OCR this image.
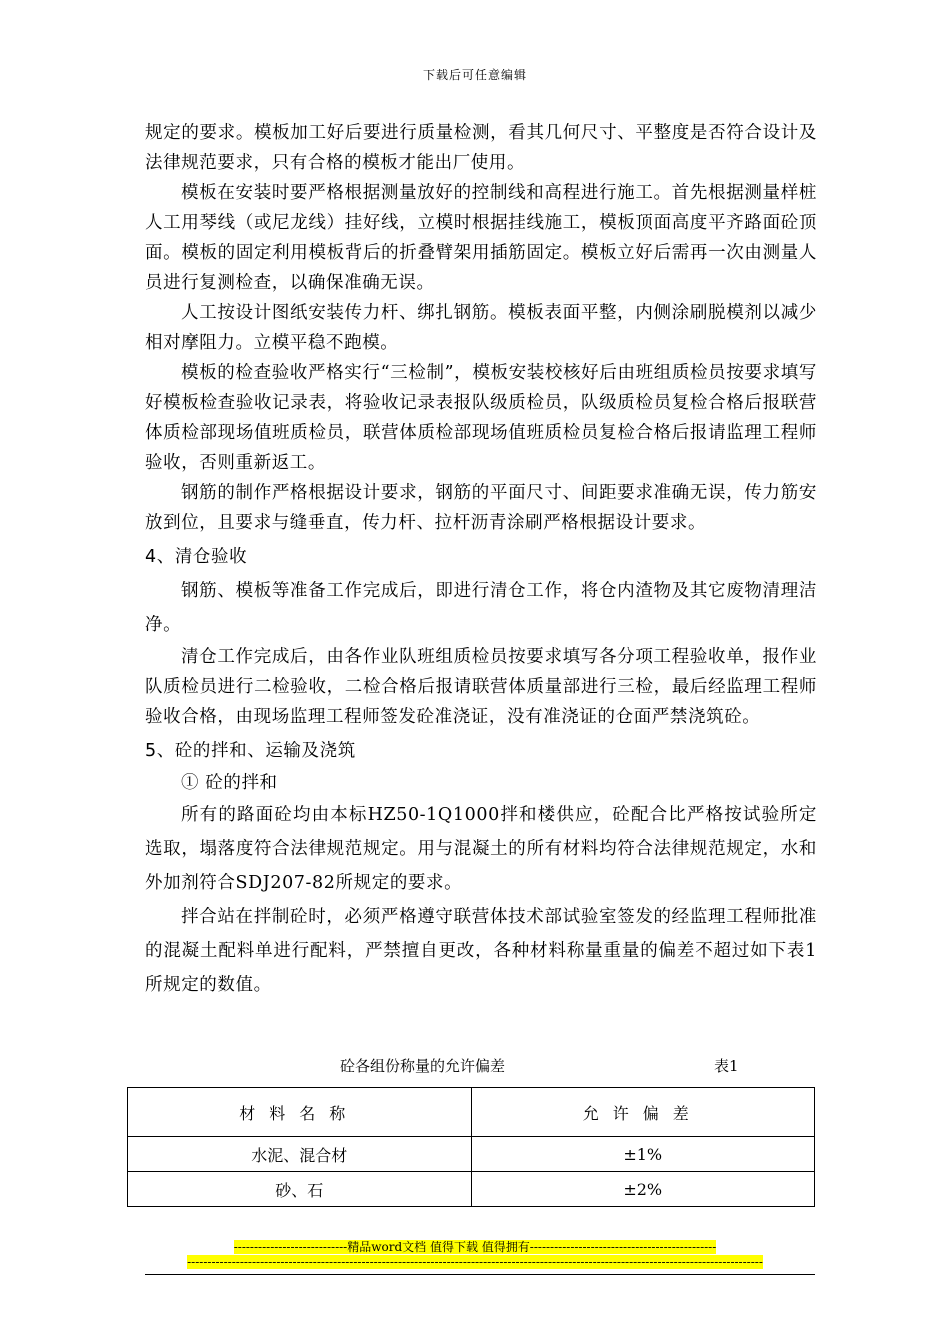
下载后可任意编辑

规定的要求。模板加工好后要进行质量检测，看其几何尺寸、平整度是否符合设计及法律规范要求，只有合格的模板才能出厂使用。

模板在安装时要严格根据测量放好的控制线和高程进行施工。首先根据测量样桩人工用琴线（或尼龙线）挂好线，立模时根据挂线施工，模板顶面高度平齐路面砼顶面。模板的固定利用模板背后的折叠臂架用插筋固定。模板立好后需再一次由测量人员进行复测检查，以确保准确无误。

人工按设计图纸安装传力杆、绑扎钢筋。模板表面平整，内侧涂刷脱模剂以减少相对摩阻力。立模平稳不跑模。

模板的检查验收严格实行“三检制”，模板安装校核好后由班组质检员按要求填写好模板检查验收记录表，将验收记录表报队级质检员，队级质检员复检合格后报联营体质检部现场值班质检员，联营体质检部现场值班质检员复检合格后报请监理工程师验收，否则重新返工。

钢筋的制作严格根据设计要求，钢筋的平面尺寸、间距要求准确无误，传力筋安放到位，且要求与缝垂直，传力杆、拉杆沥青涂刷严格根据设计要求。

4、清仓验收

钢筋、模板等准备工作完成后，即进行清仓工作，将仓内渣物及其它废物清理洁净。

清仓工作完成后，由各作业队班组质检员按要求填写各分项工程验收单，报作业队质检员进行二检验收，二检合格后报请联营体质量部进行三检，最后经监理工程师验收合格，由现场监理工程师签发砼准浇证，没有准浇证的仓面严禁浇筑砼。

5、砼的拌和、运输及浇筑

① 砼的拌和

所有的路面砼均由本标HZ50-1Q1000拌和楼供应，砼配合比严格按试验所定选取，塌落度符合法律规范规定。用与混凝土的所有材料均符合法律规范规定，水和外加剂符合SDJ207-82所规定的要求。

拌合站在拌制砼时，必须严格遵守联营体技术部试验室签发的经监理工程师批准的混凝土配料单进行配料，严禁擅自更改，各种材料称量重量的偏差不超过如下表1所规定的数值。

砼各组份称量的允许偏差	表1
材料名称	允许偏差
水泥、混合材	±1%
砂、石	±2%
----------------------------精品word文档 值得下载 值得拥有----------------------------------------------
----------------------------------------------------------------------------------------------------------------------------------------------
